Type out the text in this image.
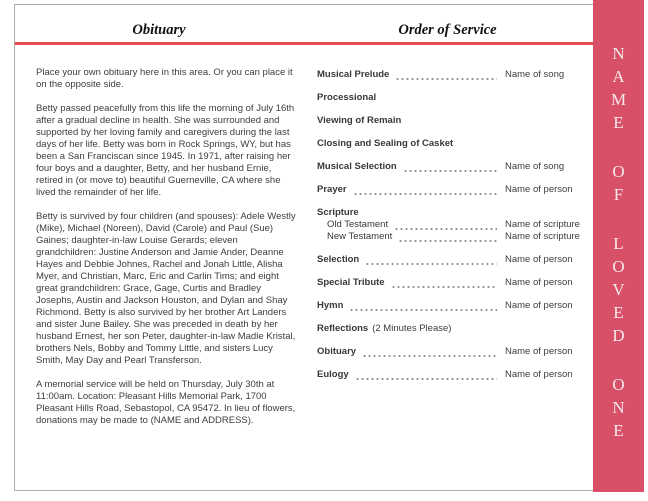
Obituary	Order of Service

Place your own obituary here in this area. Or you can place it on the opposite side.

Betty passed peacefully from this life the morning of July 16th after a gradual decline in health. She was surrounded and supported by her loving family and caregivers during the last days of her life. Betty was born in Rock Springs, WY, but has been a San Franciscan since 1945. In 1971, after raising her four boys and a daughter, Betty, and her husband Ernie, retired in (or move to) beautiful Guerneville, CA where she lived the remainder of her life.

Betty is survived by four children (and spouses): Adele Westly (Mike), Michael (Noreen), David (Carole) and Paul (Sue) Gaines; daughter-in-law Louise Gerards; eleven grandchildren: Justine Anderson and Jamie Ander, Deanne Hayes and Debbie Johnes, Rachel and Jonah Little, Alisha Myer, and Christian, Marc, Eric and Carlin Tims; and eight great grandchildren: Grace, Gage, Curtis and Bradley Josephs, Austin and Jackson Houston, and Dylan and Shay Richmond. Betty is also survived by her brother Art Landers and sister June Bailey. She was preceded in death by her husband Ernest, her son Peter, daughter-in-law Madie Kristal, brothers Nels, Bobby and Tommy Little, and sisters Lucy Smith, May Day and Pearl Transferson.

A memorial service will be held on Thursday, July 30th at 11:00am. Location: Pleasant Hills Memorial Park, 1700 Pleasant Hills Road, Sebastopol, CA 95472. In lieu of flowers, donations may be made to (NAME and ADDRESS).

Musical Prelude	Name of song
Processional
Viewing of Remain
Closing and Sealing of Casket
Musical Selection	Name of song
Prayer	Name of person
Scripture
Old Testament	Name of scripture
New Testament	Name of scripture
Selection	Name of person
Special Tribute	Name of person
Hymn	Name of person
Reflections (2 Minutes Please)
Obituary	Name of person
Eulogy	Name of person
N
A
M
E
O
F
L
O
V
E
D
O
N
E
